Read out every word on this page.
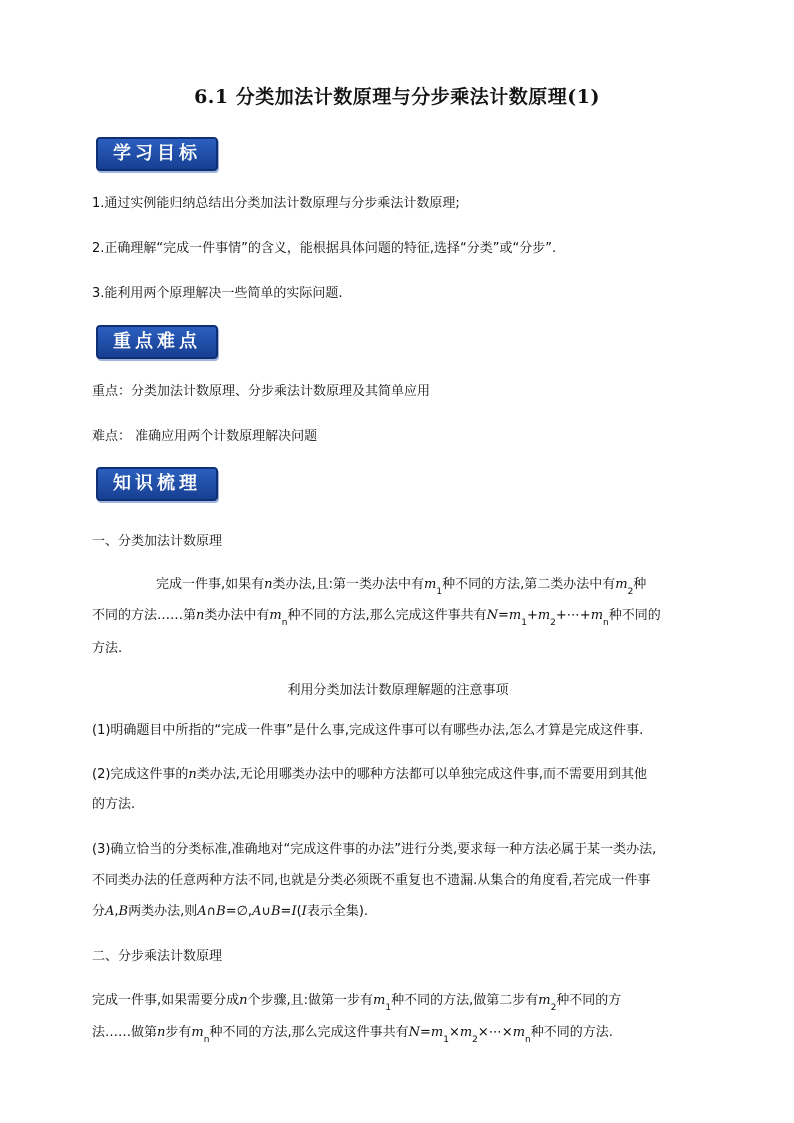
6.1 分类加法计数原理与分步乘法计数原理(1)
学习目标
1.通过实例能归纳总结出分类加法计数原理与分步乘法计数原理;
2.正确理解“完成一件事情”的含义，能根据具体问题的特征,选择“分类”或“分步”.
3.能利用两个原理解决一些简单的实际问题.
重点难点
重点：分类加法计数原理、分步乘法计数原理及其简单应用
难点： 准确应用两个计数原理解决问题
知识梳理
一、分类加法计数原理
完成一件事,如果有n类办法,且:第一类办法中有$m_1$种不同的方法,第二类办法中有$m_2$种
不同的方法……第n类办法中有$m_n$种不同的方法,那么完成这件事共有$N=m_1+m_2+\cdots+m_n$种不同的
方法.
利用分类加法计数原理解题的注意事项
(1)明确题目中所指的“完成一件事”是什么事,完成这件事可以有哪些办法,怎么才算是完成这件事.
(2)完成这件事的n类办法,无论用哪类办法中的哪种方法都可以单独完成这件事,而不需要用到其他
的方法.
(3)确立恰当的分类标准,准确地对“完成这件事的办法”进行分类,要求每一种方法必属于某一类办法,
不同类办法的任意两种方法不同,也就是分类必须既不重复也不遗漏.从集合的角度看,若完成一件事
分A,B两类办法,则A∩B=∅,A∪B=I(I表示全集).
二、分步乘法计数原理
完成一件事,如果需要分成n个步骤,且:做第一步有$m_1$种不同的方法,做第二步有$m_2$种不同的方
法……做第n步有$m_n$种不同的方法,那么完成这件事共有$N=m_1\times m_2\times\cdots\times m_n$种不同的方法.
